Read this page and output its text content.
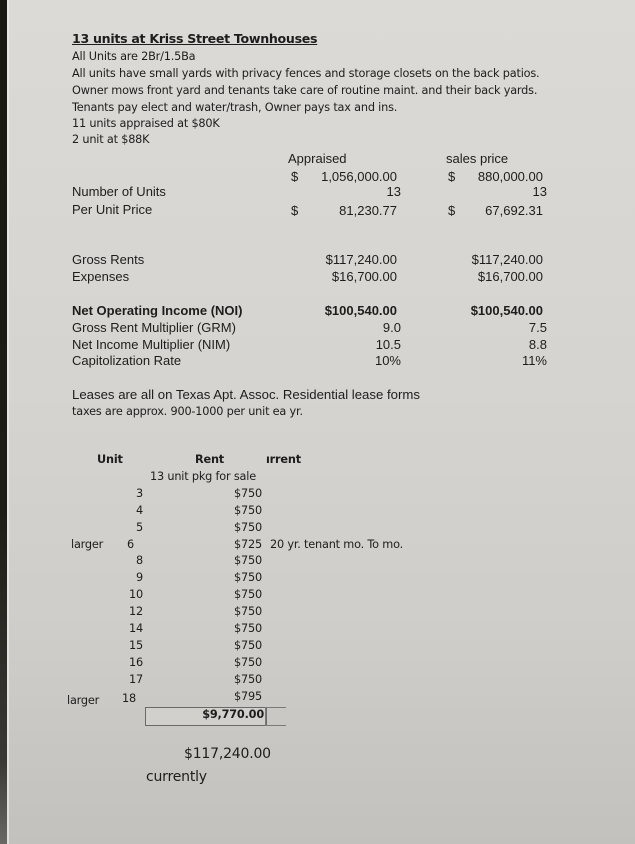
13 units at Kriss Street Townhouses
All Units are 2Br/1.5Ba
All units have small yards with privacy fences and storage closets on the back patios.
Owner mows front yard and tenants take care of routine maint. and their back yards.
Tenants pay elect and water/trash, Owner pays tax and ins.
11 units appraised at $80K
2 unit at $88K
Appraised	sales price
$	1,056,000.00	$	880,000.00
Number of Units	13	13
Per Unit Price	$	81,230.77	$	67,692.31
Gross Rents	$117,240.00	$117,240.00
Expenses	$16,700.00	$16,700.00
Net Operating Income (NOI)	$100,540.00	$100,540.00
Gross Rent Multiplier (GRM)	9.0	7.5
Net Income Multiplier (NIM)	10.5	8.8
Capitolization Rate	10%	11%
Leases are all on Texas Apt. Assoc. Residential lease forms
taxes are approx. 900-1000 per unit ea yr.
Unit	Rent	ırrent
13 unit pkg for sale
3	$750
4	$750
5	$750
larger	6	$725 20 yr. tenant mo. To mo.
8	$750
9	$750
10	$750
12	$750
14	$750
15	$750
16	$750
17	$750
larger	18	$795
$9,770.00
$117,240.00
currently
